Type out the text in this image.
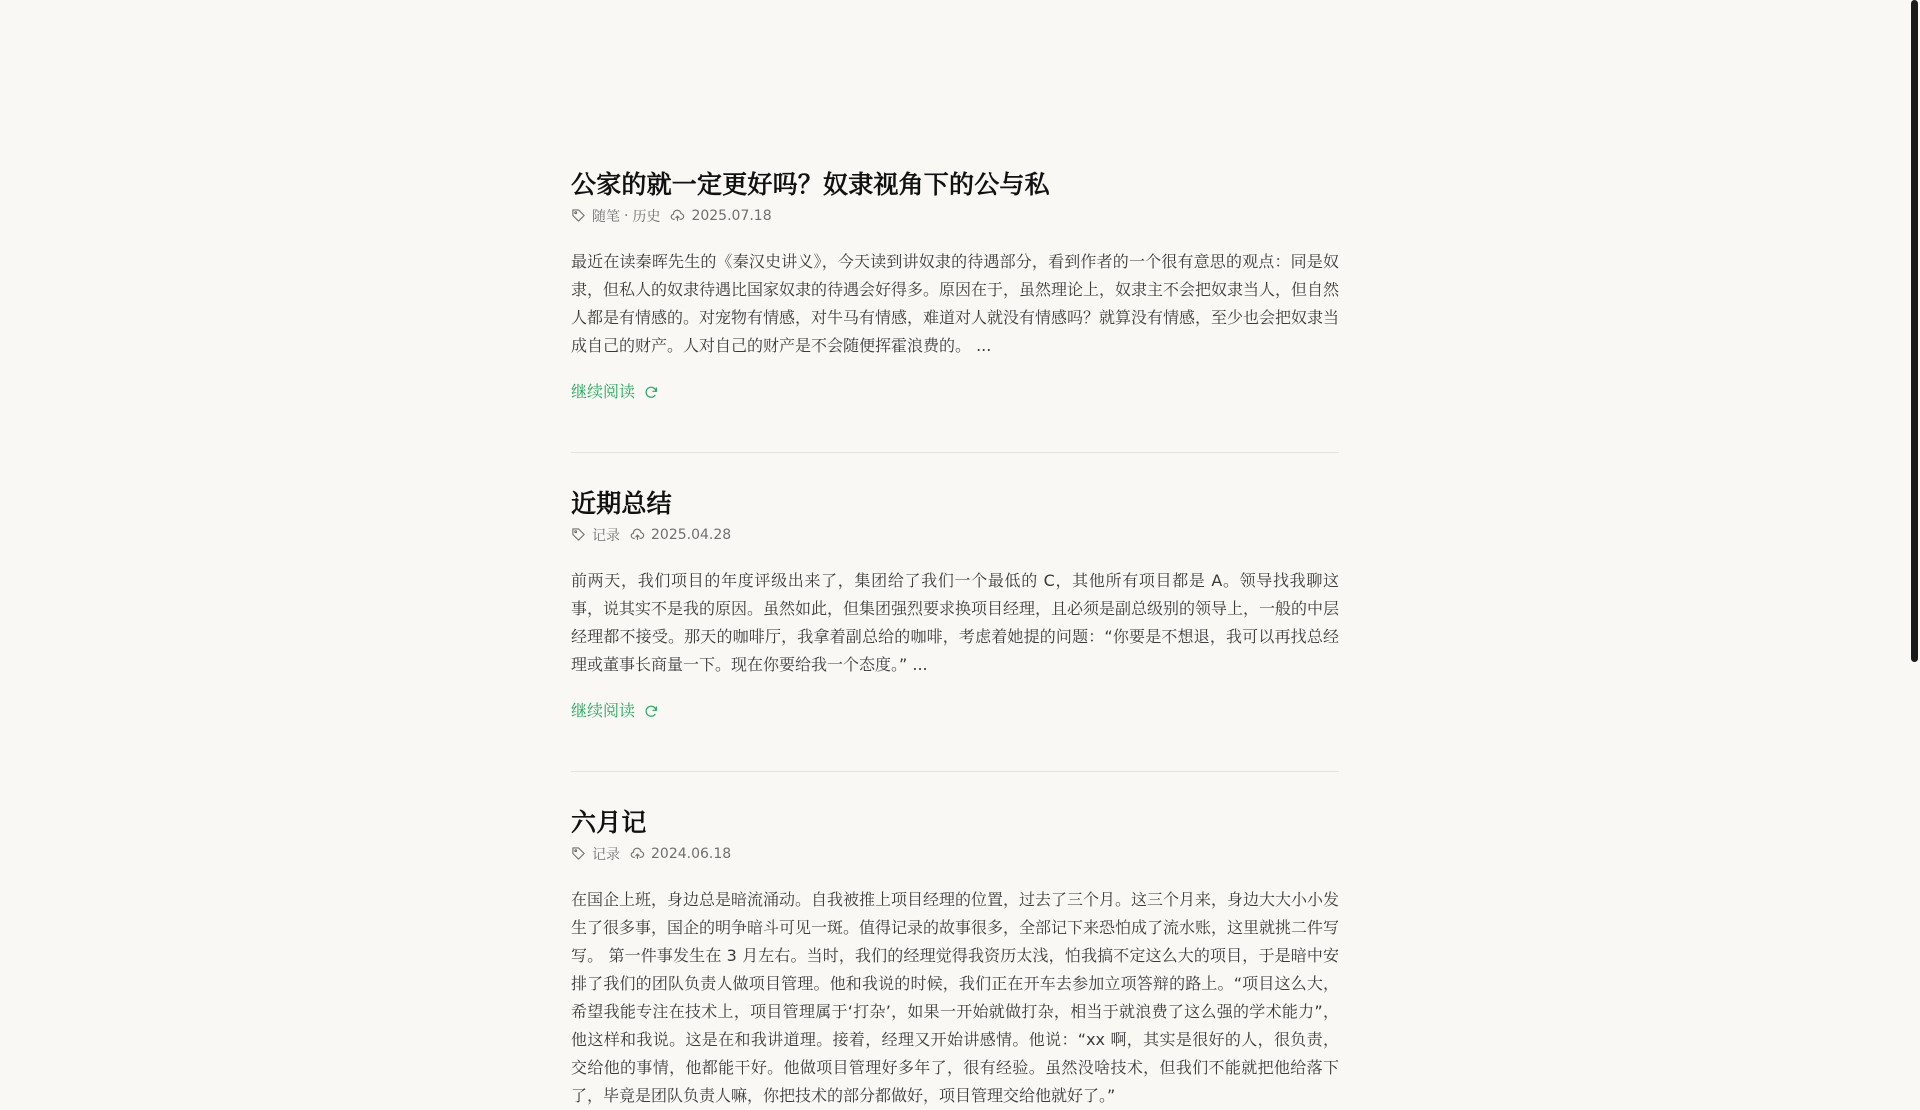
公家的就一定更好吗？奴隶视角下的公与私
随笔 · 历史 2025.07.18
最近在读秦晖先生的《秦汉史讲义》，今天读到讲奴隶的待遇部分，看到作者的一个很有意思的观点：同是奴隶，但私人的奴隶待遇比国家奴隶的待遇会好得多。原因在于，虽然理论上，奴隶主不会把奴隶当人，但自然人都是有情感的。对宠物有情感，对牛马有情感，难道对人就没有情感吗？就算没有情感，至少也会把奴隶当成自己的财产。人对自己的财产是不会随便挥霍浪费的。 ...
继续阅读
近期总结
记录 2025.04.28
前两天，我们项目的年度评级出来了，集团给了我们一个最低的 C，其他所有项目都是 A。领导找我聊这事，说其实不是我的原因。虽然如此，但集团强烈要求换项目经理，且必须是副总级别的领导上，一般的中层经理都不接受。那天的咖啡厅，我拿着副总给的咖啡，考虑着她提的问题：“你要是不想退，我可以再找总经理或董事长商量一下。现在你要给我一个态度。” ...
继续阅读
六月记
记录 2024.06.18
在国企上班，身边总是暗流涌动。自我被推上项目经理的位置，过去了三个月。这三个月来，身边大大小小发生了很多事，国企的明争暗斗可见一斑。值得记录的故事很多，全部记下来恐怕成了流水账，这里就挑二件写写。 第一件事发生在 3 月左右。当时，我们的经理觉得我资历太浅，怕我搞不定这么大的项目，于是暗中安排了我们的团队负责人做项目管理。他和我说的时候，我们正在开车去参加立项答辩的路上。“项目这么大，希望我能专注在技术上，项目管理属于‘打杂’，如果一开始就做打杂，相当于就浪费了这么强的学术能力”，他这样和我说。这是在和我讲道理。接着，经理又开始讲感情。他说：“xx 啊，其实是很好的人，很负责，交给他的事情，他都能干好。他做项目管理好多年了，很有经验。虽然没啥技术，但我们不能就把他给落下了，毕竟是团队负责人嘛，你把技术的部分都做好，项目管理交给他就好了。”
